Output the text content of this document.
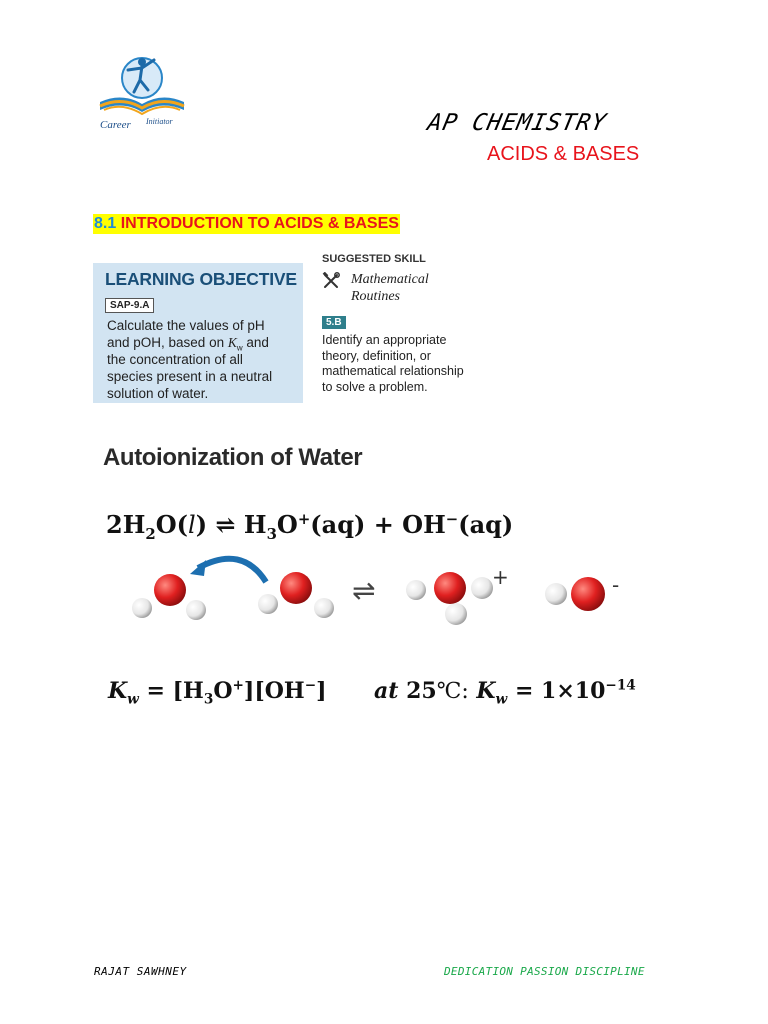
Career Initiator	AP CHEMISTRY
ACIDS & BASES
8.1 INTRODUCTION TO ACIDS & BASES
LEARNING OBJECTIVE
SAP-9.A
Calculate the values of pH
and pOH, based on $K_w$ and
the concentration of all
species present in a neutral
solution of water.
SUGGESTED SKILL
Mathematical
Routines
5.B
Identify an appropriate
theory, definition, or
mathematical relationship
to solve a problem.
Autoionization of Water
$2H_2O(l)$ ⇌ $H_3O^+(aq) + OH^-(aq)$
⇌	+	-
$K_w = [H_3O^+][OH^-]$ at 25℃: $K_w = 1\times 10^{-14}$
RAJAT SAWHNEY	DEDICATION PASSION DISCIPLINE
